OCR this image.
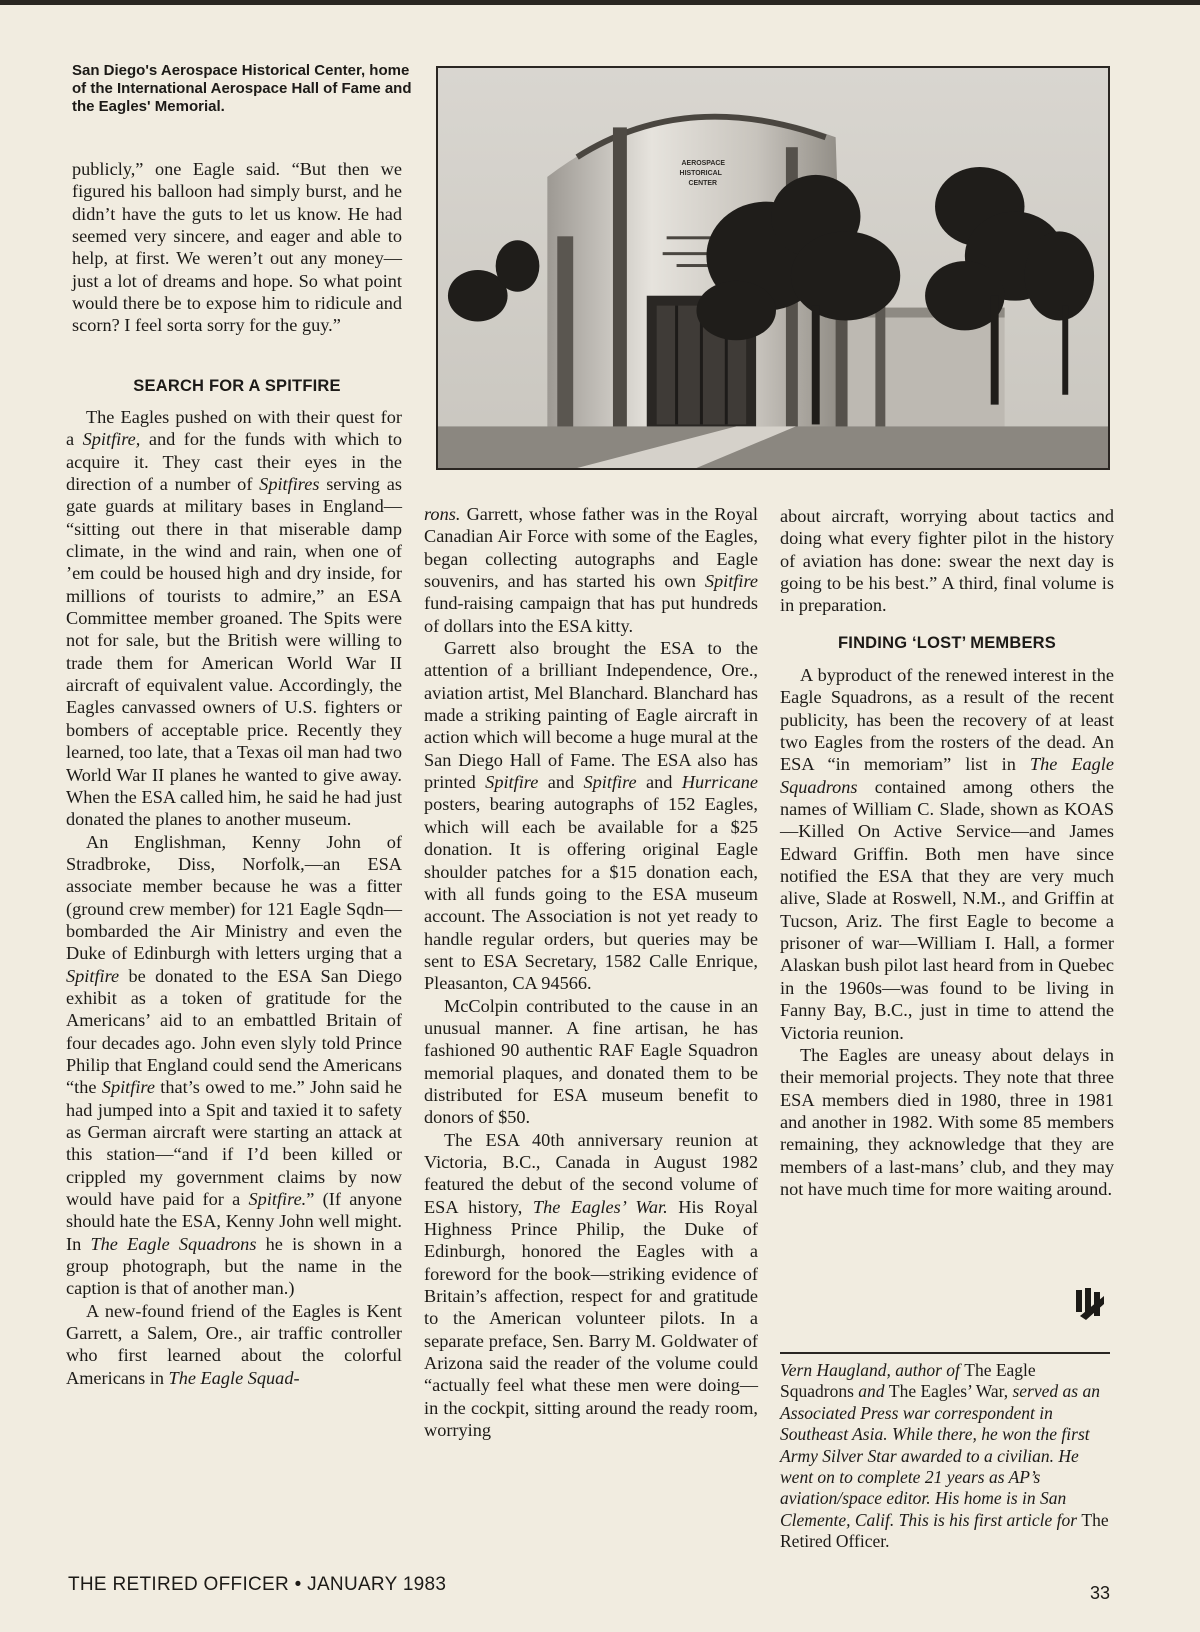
San Diego's Aerospace Historical Center, home of the International Aerospace Hall of Fame and the Eagles' Memorial.
AEROSPACE
HISTORICAL
CENTER

publicly,” one Eagle said. “But then we figured his balloon had simply burst, and he didn’t have the guts to let us know. He had seemed very sincere, and eager and able to help, at first. We weren’t out any money—just a lot of dreams and hope. So what point would there be to expose him to ridicule and scorn? I feel sorta sorry for the guy.”

SEARCH FOR A SPITFIRE

The Eagles pushed on with their quest for a Spitfire, and for the funds with which to acquire it. They cast their eyes in the direction of a number of Spitfires serving as gate guards at military bases in England— “sitting out there in that miserable damp climate, in the wind and rain, when one of ’em could be housed high and dry inside, for millions of tourists to admire,” an ESA Committee member groaned. The Spits were not for sale, but the British were willing to trade them for American World War II aircraft of equivalent value. Accordingly, the Eagles canvassed owners of U.S. fighters or bombers of acceptable price. Recently they learned, too late, that a Texas oil man had two World War II planes he wanted to give away. When the ESA called him, he said he had just donated the planes to another museum.

An Englishman, Kenny John of Stradbroke, Diss, Norfolk,—an ESA associate member because he was a fitter (ground crew member) for 121 Eagle Sqdn—bombarded the Air Ministry and even the Duke of Edinburgh with letters urging that a Spitfire be donated to the ESA San Diego exhibit as a token of gratitude for the Americans’ aid to an embattled Britain of four decades ago. John even slyly told Prince Philip that England could send the Americans “the Spitfire that’s owed to me.” John said he had jumped into a Spit and taxied it to safety as German aircraft were starting an attack at this station—“and if I’d been killed or crippled my government claims by now would have paid for a Spitfire.” (If anyone should hate the ESA, Kenny John well might. In The Eagle Squadrons he is shown in a group photograph, but the name in the caption is that of another man.)

A new-found friend of the Eagles is Kent Garrett, a Salem, Ore., air traffic controller who first learned about the colorful Americans in The Eagle Squad-

rons. Garrett, whose father was in the Royal Canadian Air Force with some of the Eagles, began collecting autographs and Eagle souvenirs, and has started his own Spitfire fund-raising campaign that has put hundreds of dollars into the ESA kitty.

Garrett also brought the ESA to the attention of a brilliant Independence, Ore., aviation artist, Mel Blanchard. Blanchard has made a striking painting of Eagle aircraft in action which will become a huge mural at the San Diego Hall of Fame. The ESA also has printed Spitfire and Spitfire and Hurricane posters, bearing autographs of 152 Eagles, which will each be available for a $25 donation. It is offering original Eagle shoulder patches for a $15 donation each, with all funds going to the ESA museum account. The Association is not yet ready to handle regular orders, but queries may be sent to ESA Secretary, 1582 Calle Enrique, Pleasanton, CA 94566.

McColpin contributed to the cause in an unusual manner. A fine artisan, he has fashioned 90 authentic RAF Eagle Squadron memorial plaques, and donated them to be distributed for ESA museum benefit to donors of $50.

The ESA 40th anniversary reunion at Victoria, B.C., Canada in August 1982 featured the debut of the second volume of ESA history, The Eagles’ War. His Royal Highness Prince Philip, the Duke of Edinburgh, honored the Eagles with a foreword for the book—striking evidence of Britain’s affection, respect for and gratitude to the American volunteer pilots. In a separate preface, Sen. Barry M. Goldwater of Arizona said the reader of the volume could “actually feel what these men were doing—in the cockpit, sitting around the ready room, worrying

about aircraft, worrying about tactics and doing what every fighter pilot in the history of aviation has done: swear the next day is going to be his best.” A third, final volume is in preparation.

FINDING ‘LOST’ MEMBERS

A byproduct of the renewed interest in the Eagle Squadrons, as a result of the recent publicity, has been the recovery of at least two Eagles from the rosters of the dead. An ESA “in memoriam” list in The Eagle Squadrons contained among others the names of William C. Slade, shown as KOAS—Killed On Active Service—and James Edward Griffin. Both men have since notified the ESA that they are very much alive, Slade at Roswell, N.M., and Griffin at Tucson, Ariz. The first Eagle to become a prisoner of war—William I. Hall, a former Alaskan bush pilot last heard from in Quebec in the 1960s—was found to be living in Fanny Bay, B.C., just in time to attend the Victoria reunion.

The Eagles are uneasy about delays in their memorial projects. They note that three ESA members died in 1980, three in 1981 and another in 1982. With some 85 members remaining, they acknowledge that they are members of a last-mans’ club, and they may not have much time for more waiting around.

Vern Haugland, author of The Eagle Squadrons and The Eagles’ War, served as an Associated Press war correspondent in Southeast Asia. While there, he won the first Army Silver Star awarded to a civilian. He went on to complete 21 years as AP’s aviation/space editor. His home is in San Clemente, Calif. This is his first article for The Retired Officer.
THE RETIRED OFFICER • JANUARY 1983	33
